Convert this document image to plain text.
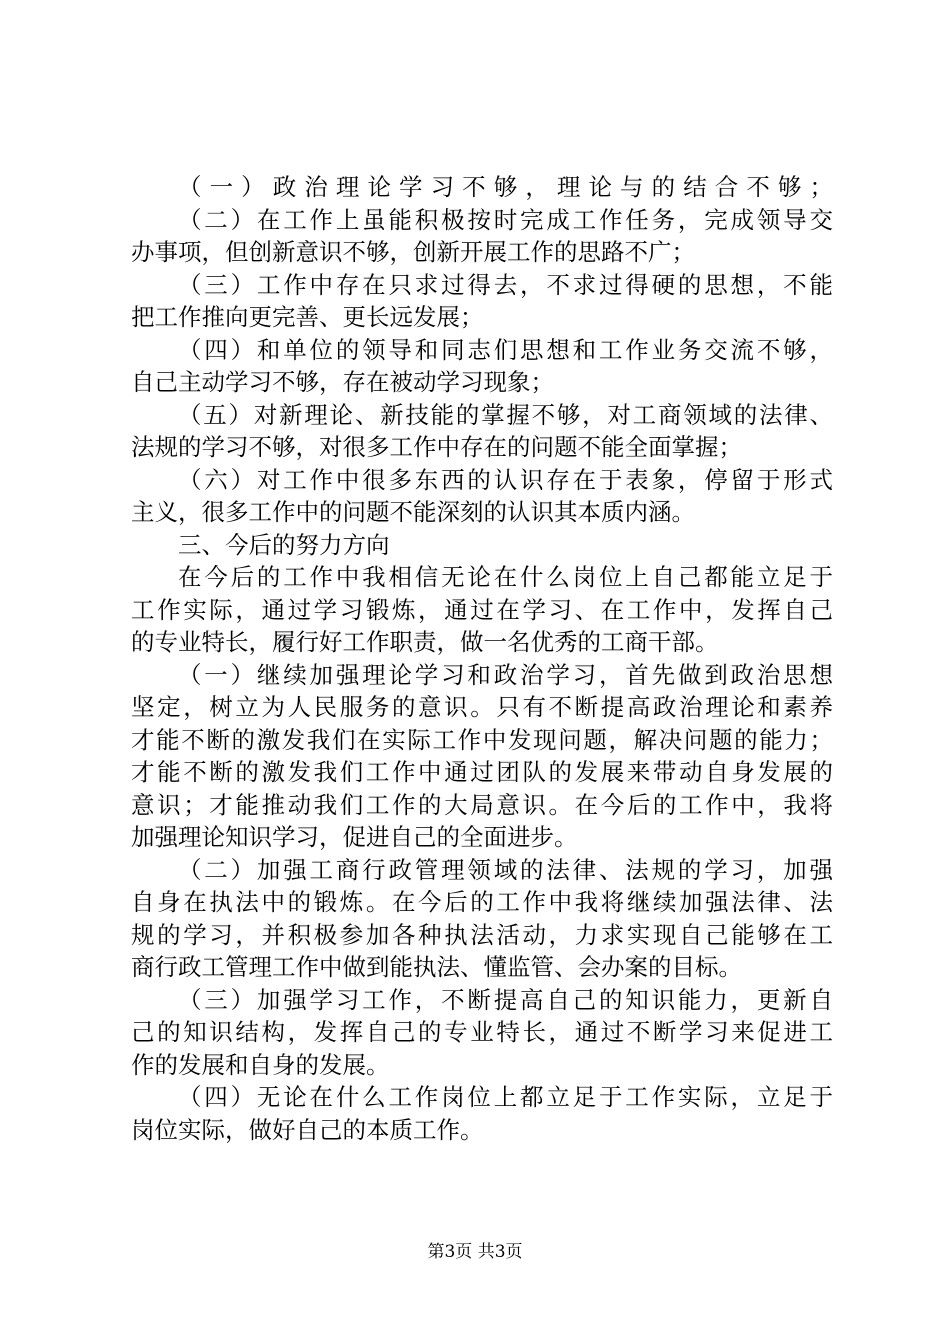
（一）政治理论学习不够，理论与的结合不够；
（二）在工作上虽能积极按时完成工作任务，完成领导交
办事项，但创新意识不够，创新开展工作的思路不广；
（三）工作中存在只求过得去，不求过得硬的思想，不能
把工作推向更完善、更长远发展；
（四）和单位的领导和同志们思想和工作业务交流不够，
自己主动学习不够，存在被动学习现象；
（五）对新理论、新技能的掌握不够，对工商领域的法律、
法规的学习不够，对很多工作中存在的问题不能全面掌握；
（六）对工作中很多东西的认识存在于表象，停留于形式
主义，很多工作中的问题不能深刻的认识其本质内涵。
三、今后的努力方向
在今后的工作中我相信无论在什么岗位上自己都能立足于
工作实际，通过学习锻炼，通过在学习、在工作中，发挥自己
的专业特长，履行好工作职责，做一名优秀的工商干部。
（一）继续加强理论学习和政治学习，首先做到政治思想
坚定，树立为人民服务的意识。只有不断提高政治理论和素养
才能不断的激发我们在实际工作中发现问题，解决问题的能力；
才能不断的激发我们工作中通过团队的发展来带动自身发展的
意识；才能推动我们工作的大局意识。在今后的工作中，我将
加强理论知识学习，促进自己的全面进步。
（二）加强工商行政管理领域的法律、法规的学习，加强
自身在执法中的锻炼。在今后的工作中我将继续加强法律、法
规的学习，并积极参加各种执法活动，力求实现自己能够在工
商行政工管理工作中做到能执法、懂监管、会办案的目标。
（三）加强学习工作，不断提高自己的知识能力，更新自
己的知识结构，发挥自己的专业特长，通过不断学习来促进工
作的发展和自身的发展。
（四）无论在什么工作岗位上都立足于工作实际，立足于
岗位实际，做好自己的本质工作。
第3页 共3页
